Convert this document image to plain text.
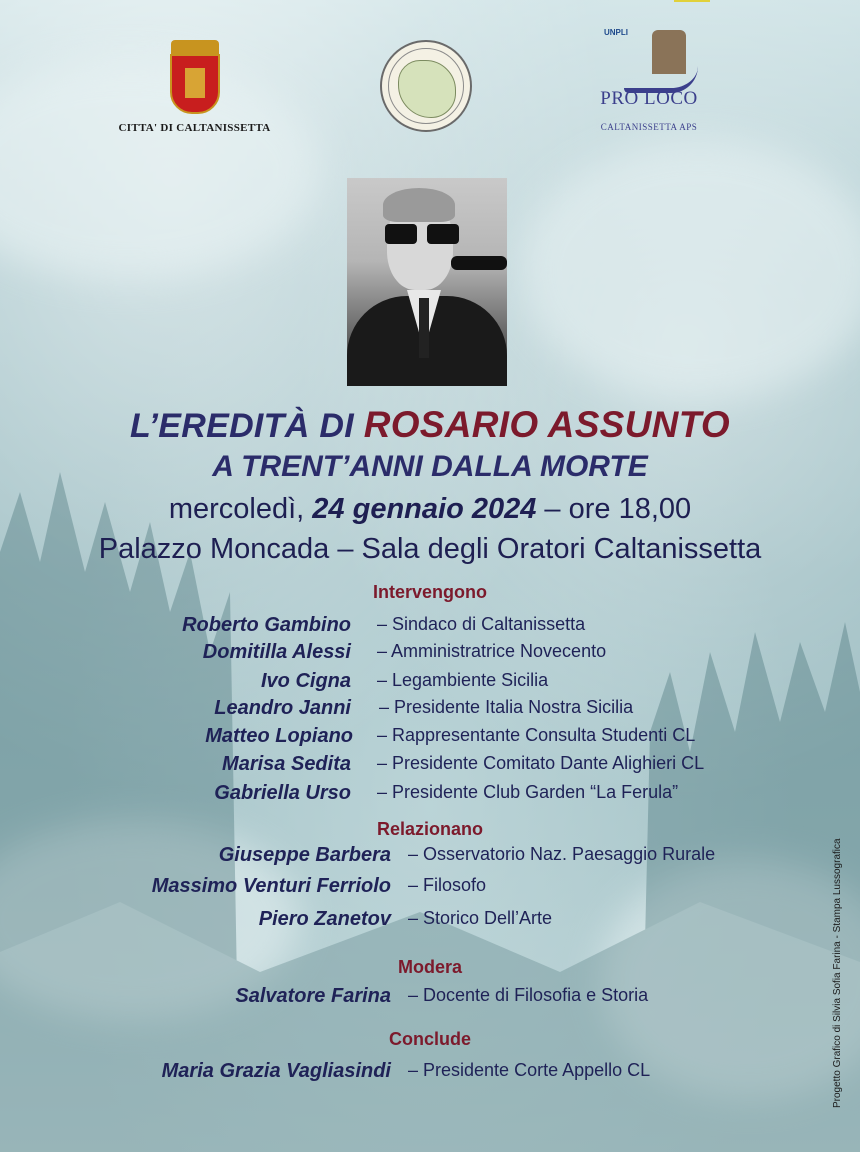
CITTA' DI CALTANISSETTA
UNPLI
PRO LOCO
CALTANISSETTA APS
L’EREDITÀ DI ROSARIO ASSUNTO
A TRENT’ANNI DALLA MORTE
mercoledì, 24 gennaio 2024 – ore 18,00
Palazzo Moncada – Sala degli Oratori Caltanissetta
Intervengono
Roberto Gambino – Sindaco di Caltanissetta
Domitilla Alessi – Amministratrice Novecento
Ivo Cigna – Legambiente Sicilia
Leandro Janni – Presidente Italia Nostra Sicilia
Matteo Lopiano – Rappresentante Consulta Studenti CL
Marisa Sedita – Presidente Comitato Dante Alighieri CL
Gabriella Urso – Presidente Club Garden “La Ferula”
Relazionano
Giuseppe Barbera – Osservatorio Naz. Paesaggio Rurale
Massimo Venturi Ferriolo – Filosofo
Piero Zanetov – Storico Dell’Arte
Modera
Salvatore Farina – Docente di Filosofia e Storia
Conclude
Maria Grazia Vagliasindi – Presidente Corte Appello CL	Progetto Grafico di Silvia Sofia Farina - Stampa Lussografica
